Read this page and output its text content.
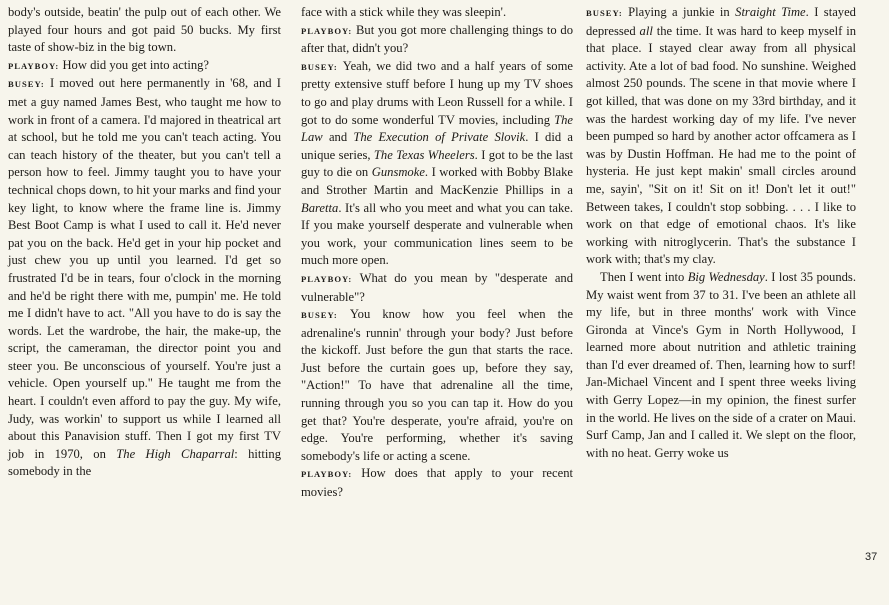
body's outside, beatin' the pulp out of each other. We played four hours and got paid 50 bucks. My first taste of show-biz in the big town.

PLAYBOY: How did you get into acting?

BUSEY: I moved out here permanently in '68, and I met a guy named James Best, who taught me how to work in front of a camera. I'd majored in theatrical art at school, but he told me you can't teach acting. You can teach history of the theater, but you can't tell a person how to feel. Jimmy taught you to have your technical chops down, to hit your marks and find your key light, to know where the frame line is. Jimmy Best Boot Camp is what I used to call it. He'd never pat you on the back. He'd get in your hip pocket and just chew you up until you learned. I'd get so frustrated I'd be in tears, four o'clock in the morning and he'd be right there with me, pumpin' me. He told me I didn't have to act. "All you have to do is say the words. Let the wardrobe, the hair, the make-up, the script, the cameraman, the director point you and steer you. Be unconscious of yourself. You're just a vehicle. Open yourself up." He taught me from the heart. I couldn't even afford to pay the guy. My wife, Judy, was workin' to support us while I learned all about this Panavision stuff. Then I got my first TV job in 1970, on The High Chaparral: hitting somebody in the

face with a stick while they was sleepin'.

PLAYBOY: But you got more challenging things to do after that, didn't you?

BUSEY: Yeah, we did two and a half years of some pretty extensive stuff before I hung up my TV shoes to go and play drums with Leon Russell for a while. I got to do some wonderful TV movies, including The Law and The Execution of Private Slovik. I did a unique series, The Texas Wheelers. I got to be the last guy to die on Gunsmoke. I worked with Bobby Blake and Strother Martin and MacKenzie Phillips in a Baretta. It's all who you meet and what you can take. If you make yourself desperate and vulnerable when you work, your communication lines seem to be much more open.

PLAYBOY: What do you mean by "desperate and vulnerable"?

BUSEY: You know how you feel when the adrenaline's runnin' through your body? Just before the kickoff. Just before the gun that starts the race. Just before the curtain goes up, before they say, "Action!" To have that adrenaline all the time, running through you so you can tap it. How do you get that? You're desperate, you're afraid, you're on edge. You're performing, whether it's saving somebody's life or acting a scene.

PLAYBOY: How does that apply to your recent movies?

BUSEY: Playing a junkie in Straight Time. I stayed depressed all the time. It was hard to keep myself in that place. I stayed clear away from all physical activity. Ate a lot of bad food. No sunshine. Weighed almost 250 pounds. The scene in that movie where I got killed, that was done on my 33rd birthday, and it was the hardest working day of my life. I've never been pumped so hard by another actor offcamera as I was by Dustin Hoffman. He had me to the point of hysteria. He just kept makin' small circles around me, sayin', "Sit on it! Sit on it! Don't let it out!" Between takes, I couldn't stop sobbing. . . . I like to work on that edge of emotional chaos. It's like working with nitroglycerin. That's the substance I work with; that's my clay.

Then I went into Big Wednesday. I lost 35 pounds. My waist went from 37 to 31. I've been an athlete all my life, but in three months' work with Vince Gironda at Vince's Gym in North Hollywood, I learned more about nutrition and athletic training than I'd ever dreamed of. Then, learning how to surf! Jan-Michael Vincent and I spent three weeks living with Gerry Lopez—in my opinion, the finest surfer in the world. He lives on the side of a crater on Maui. Surf Camp, Jan and I called it. We slept on the floor, with no heat. Gerry woke us

37
